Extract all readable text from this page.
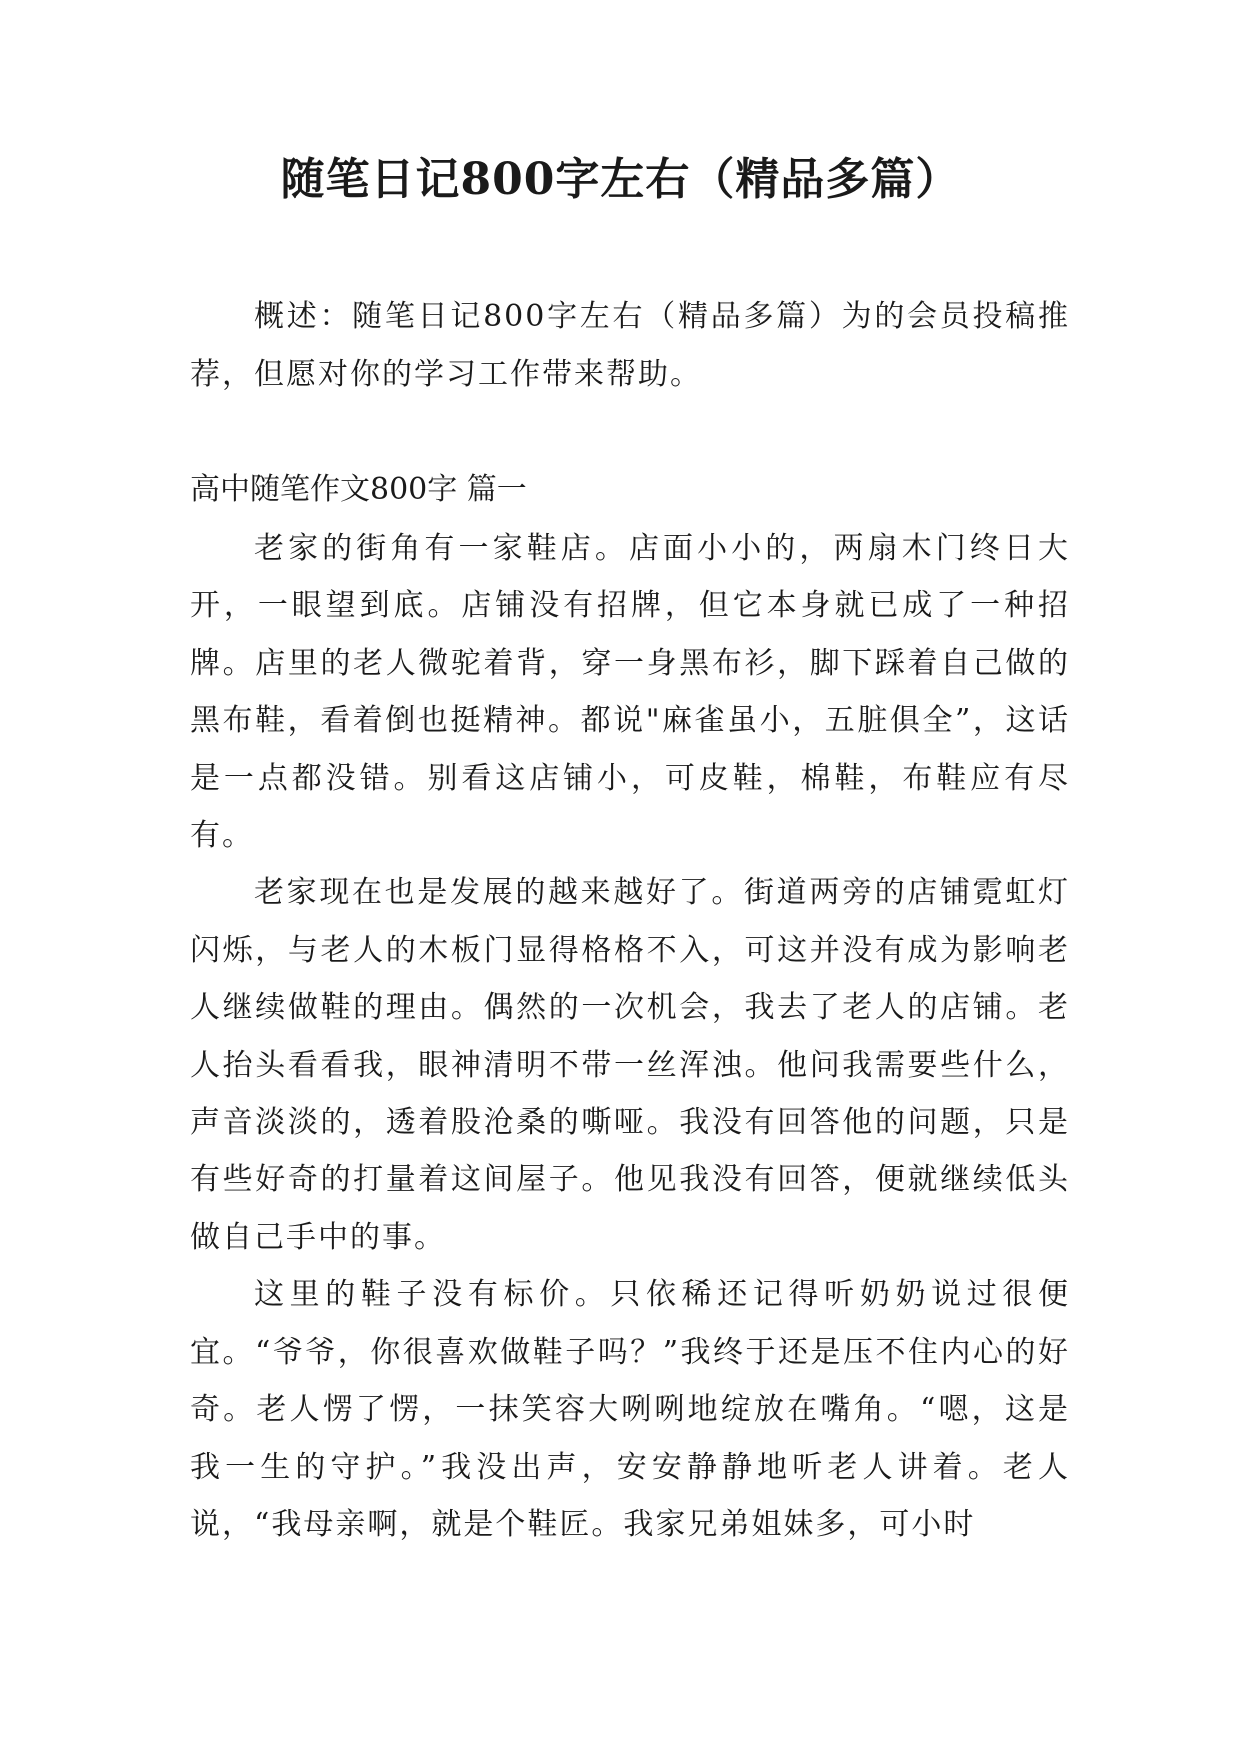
随笔日记800字左右（精品多篇）

概述：随笔日记800字左右（精品多篇）为的会员投稿推荐，但愿对你的学习工作带来帮助。

高中随笔作文800字 篇一

老家的街角有一家鞋店。店面小小的，两扇木门终日大开，一眼望到底。店铺没有招牌，但它本身就已成了一种招牌。店里的老人微驼着背，穿一身黑布衫，脚下踩着自己做的黑布鞋，看着倒也挺精神。都说"麻雀虽小，五脏俱全”，这话是一点都没错。别看这店铺小，可皮鞋，棉鞋，布鞋应有尽有。

老家现在也是发展的越来越好了。街道两旁的店铺霓虹灯闪烁，与老人的木板门显得格格不入，可这并没有成为影响老人继续做鞋的理由。偶然的一次机会，我去了老人的店铺。老人抬头看看我，眼神清明不带一丝浑浊。他问我需要些什么，声音淡淡的，透着股沧桑的嘶哑。我没有回答他的问题，只是有些好奇的打量着这间屋子。他见我没有回答，便就继续低头做自己手中的事。

这里的鞋子没有标价。只依稀还记得听奶奶说过很便宜。“爷爷，你很喜欢做鞋子吗？”我终于还是压不住内心的好奇。老人愣了愣，一抹笑容大咧咧地绽放在嘴角。“嗯，这是我一生的守护。”我没出声，安安静静地听老人讲着。老人说，“我母亲啊，就是个鞋匠。我家兄弟姐妹多，可小时
